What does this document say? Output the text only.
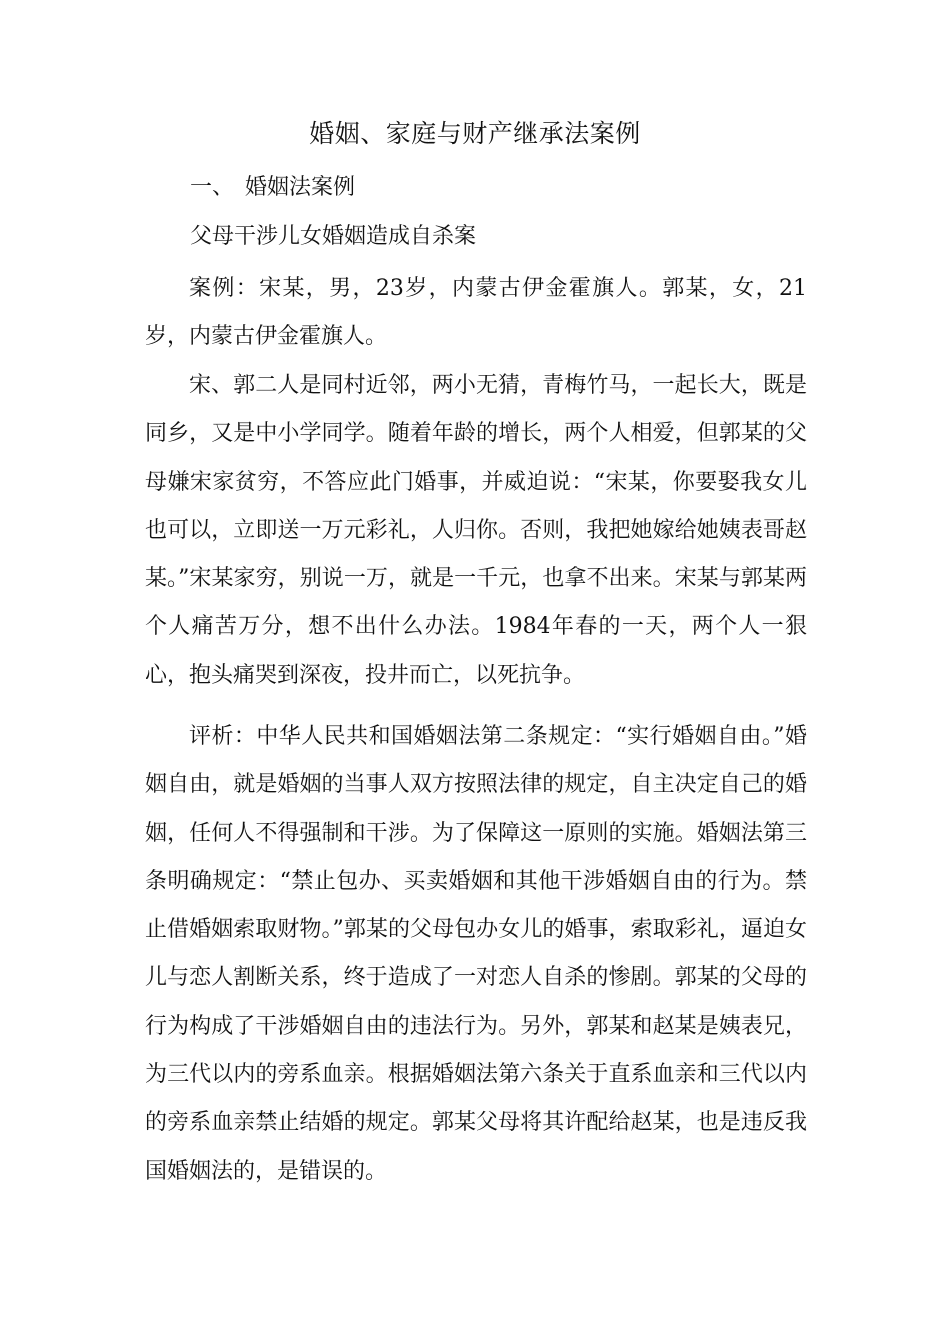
婚姻、家庭与财产继承法案例
一、 婚姻法案例
父母干涉儿女婚姻造成自杀案

案例：宋某，男，23岁，内蒙古伊金霍旗人。郭某，女，21岁，内蒙古伊金霍旗人。

宋、郭二人是同村近邻，两小无猜，青梅竹马，一起长大，既是同乡，又是中小学同学。随着年龄的增长，两个人相爱，但郭某的父母嫌宋家贫穷，不答应此门婚事，并威迫说：“宋某，你要娶我女儿也可以，立即送一万元彩礼，人归你。否则，我把她嫁给她姨表哥赵某。”宋某家穷，别说一万，就是一千元，也拿不出来。宋某与郭某两个人痛苦万分，想不出什么办法。1984年春的一天，两个人一狠心，抱头痛哭到深夜，投井而亡，以死抗争。

评析：中华人民共和国婚姻法第二条规定：“实行婚姻自由。”婚姻自由，就是婚姻的当事人双方按照法律的规定，自主决定自己的婚姻，任何人不得强制和干涉。为了保障这一原则的实施。婚姻法第三条明确规定：“禁止包办、买卖婚姻和其他干涉婚姻自由的行为。禁止借婚姻索取财物。”郭某的父母包办女儿的婚事，索取彩礼，逼迫女儿与恋人割断关系，终于造成了一对恋人自杀的惨剧。郭某的父母的行为构成了干涉婚姻自由的违法行为。另外，郭某和赵某是姨表兄，为三代以内的旁系血亲。根据婚姻法第六条关于直系血亲和三代以内的旁系血亲禁止结婚的规定。郭某父母将其许配给赵某，也是违反我国婚姻法的，是错误的。
